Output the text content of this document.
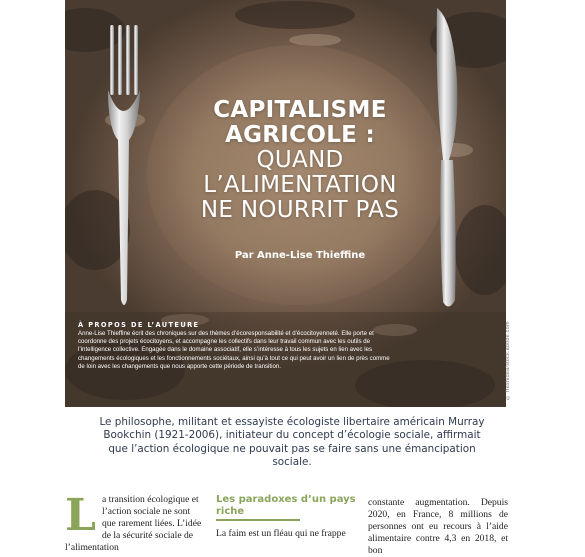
CAPITALISME
AGRICOLE :
QUAND
L’ALIMENTATION
NE NOURRIT PAS
Par Anne-Lise Thieffine
À PROPOS DE L’AUTEURE
Anne-Lise Thieffine écrit des chroniques sur des thèmes d’écoresponsabilité et d’écocitoyenneté. Elle porte et coordonne des projets écocitoyens, et accompagne les collectifs dans leur travail commun avec les outils de l’intelligence collective. Engagée dans le domaine associatif, elle s’intéresse à tous les sujets en lien avec les changements écologiques et les fonctionnements sociétaux, ainsi qu’à tout ce qui peut avoir un lien de près comme de loin avec les changements que nous apporte cette période de transition.	© freshidea/stock.adobe.com
Le philosophe, militant et essayiste écologiste libertaire américain Murray Bookchin (1921-2006), initiateur du concept d’écologie sociale, affirmait que l’action écologique ne pouvait pas se faire sans une émancipation sociale.
L a transition écologique et l’action sociale ne sont que rarement liées. L’idée de la sécurité sociale de l’alimentation
Les paradoxes d’un pays riche
La faim est un fléau qui ne frappe
constante augmentation. Depuis 2020, en France, 8 millions de personnes ont eu recours à l’aide alimentaire contre 4,3 en 2018, et bon
